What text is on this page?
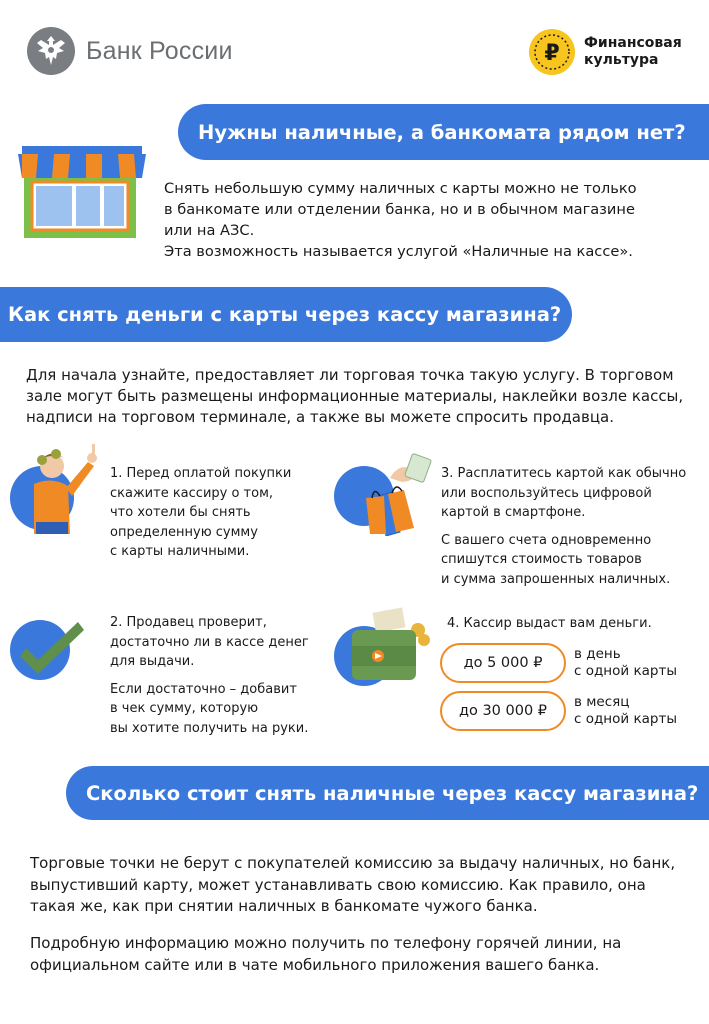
Банк России	₽ Финансовая
культура
Нужны наличные, а банкомата рядом нет?
Снять небольшую сумму наличных с карты можно не только
в банкомате или отделении банка, но и в обычном магазине
или на АЗС.
Эта возможность называется услугой «Наличные на кассе».
Как снять деньги с карты через кассу магазина?
Для начала узнайте, предоставляет ли торговая точка такую услугу. В торговом зале могут быть размещены информационные материалы, наклейки возле кассы, надписи на торговом терминале, а также вы можете спросить продавца.
1. Перед оплатой покупки
скажите кассиру о том,
что хотели бы снять
определенную сумму
с карты наличными.

2. Продавец проверит,
достаточно ли в кассе денег
для выдачи.

Если достаточно – добавит
в чек сумму, которую
вы хотите получить на руки.

3. Расплатитесь картой как обычно
или воспользуйтесь цифровой
картой в смартфоне.

С вашего счета одновременно
спишутся стоимость товаров
и сумма запрошенных наличных.

4. Кассир выдаст вам деньги.
до 5 000 ₽
в день
с одной карты
до 30 000 ₽
в месяц
с одной карты
Сколько стоит снять наличные через кассу магазина?
Торговые точки не берут с покупателей комиссию за выдачу наличных, но банк, выпустивший карту, может устанавливать свою комиссию. Как правило, она такая же, как при снятии наличных в банкомате чужого банка.
Подробную информацию можно получить по телефону горячей линии, на официальном сайте или в чате мобильного приложения вашего банка.
